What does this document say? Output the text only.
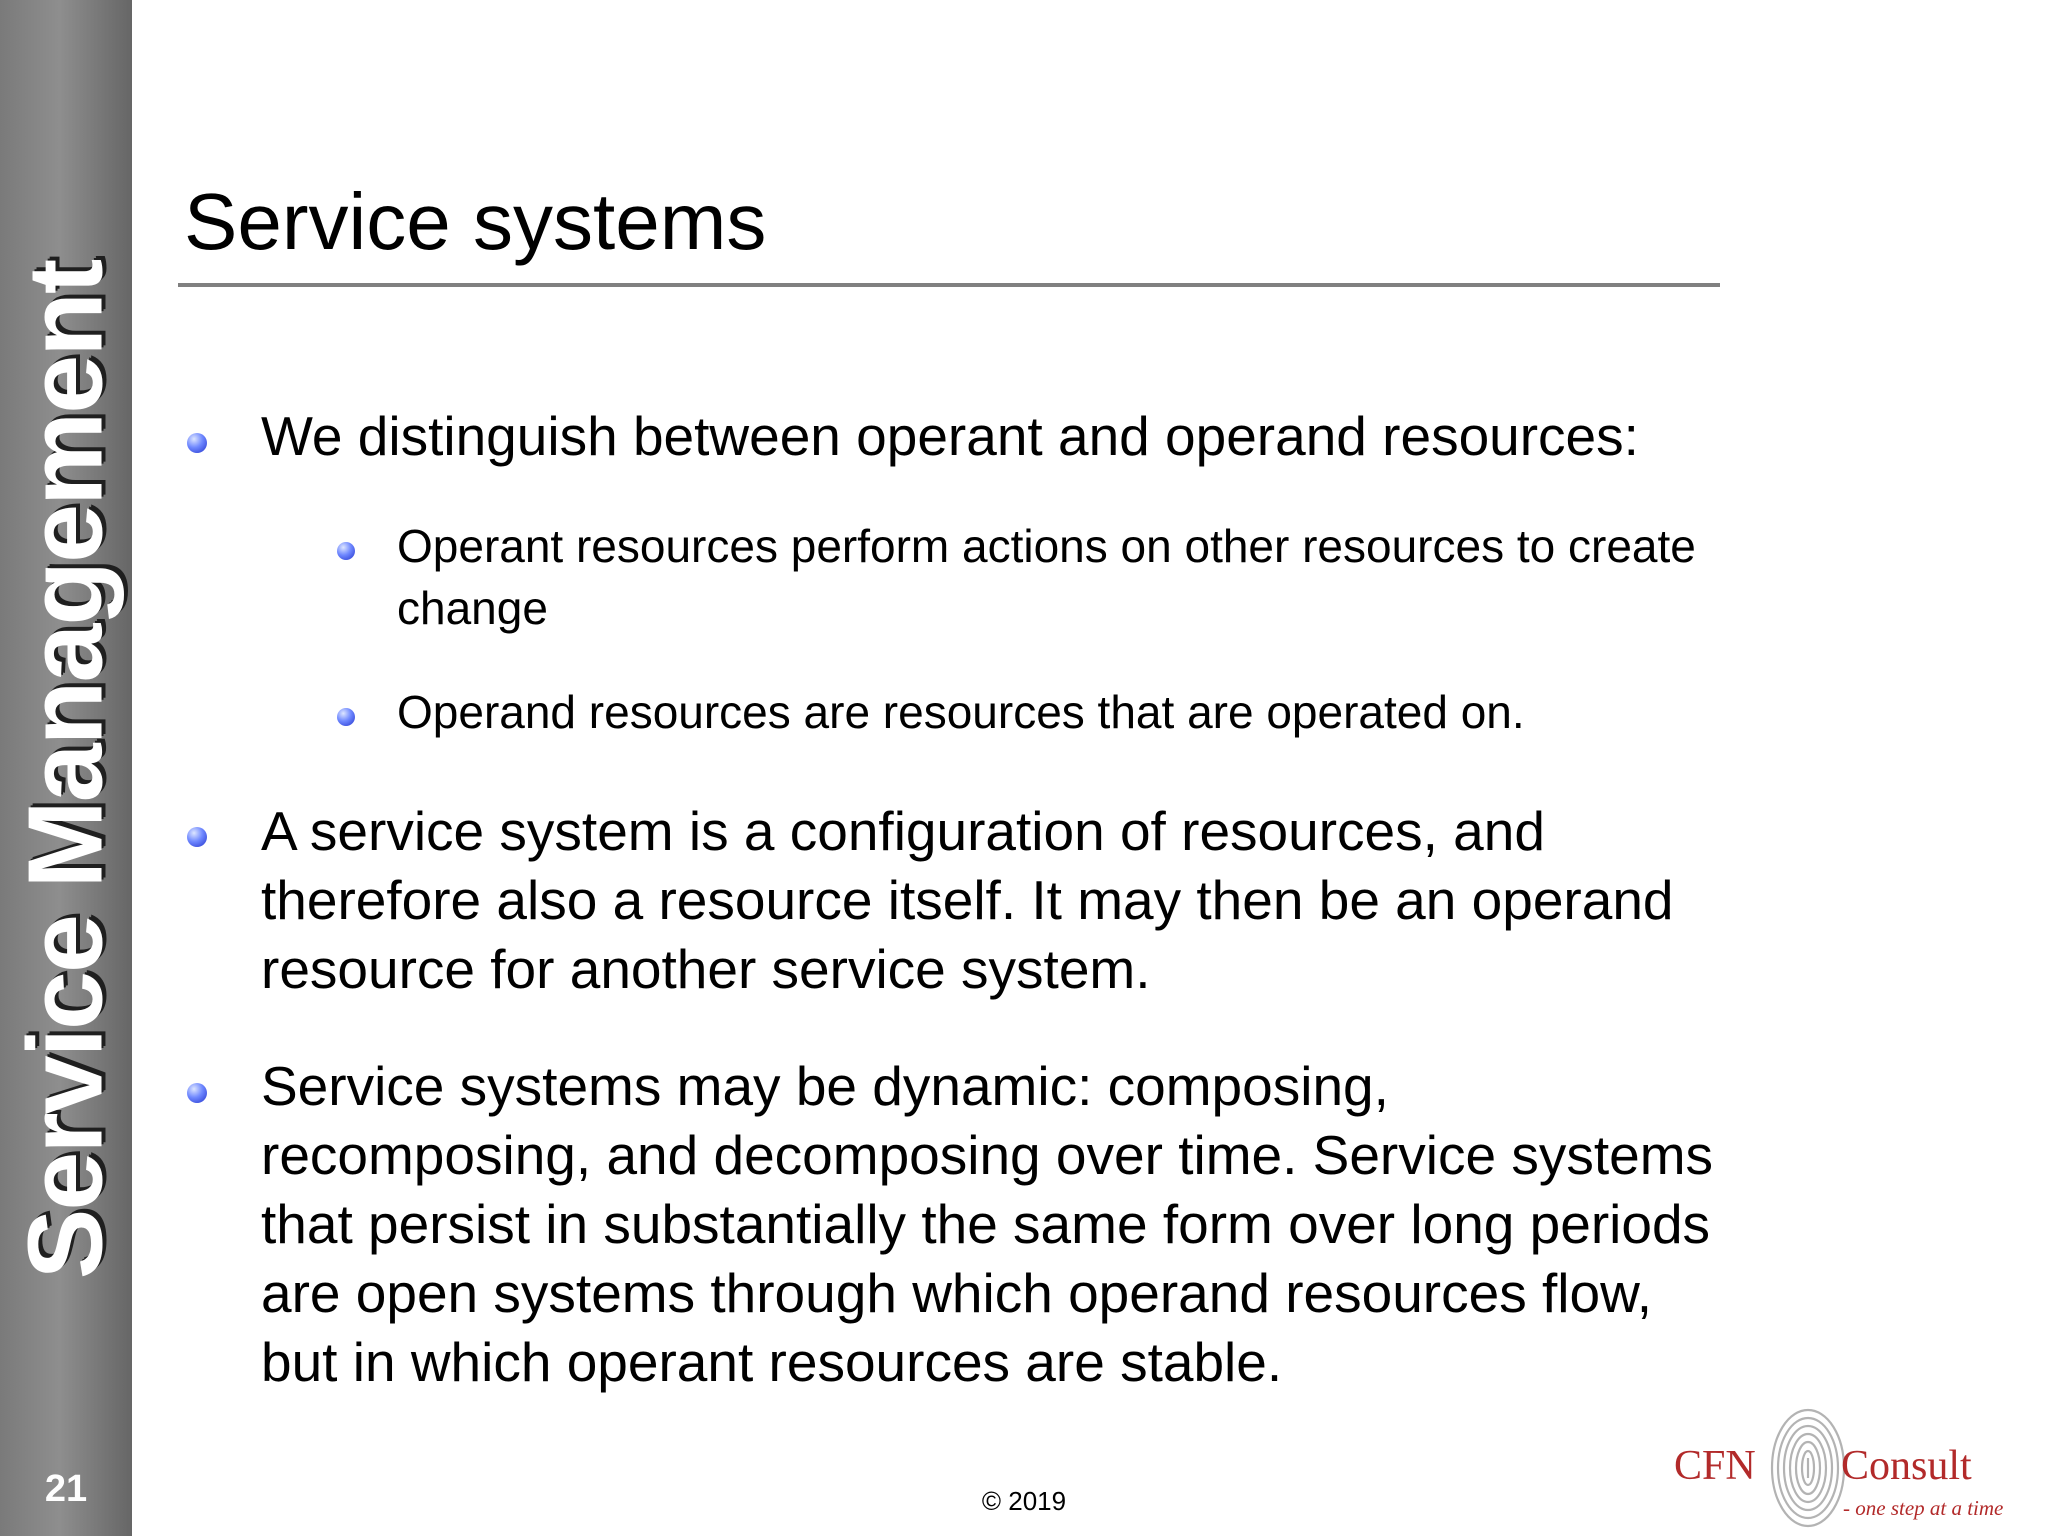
Service Management
21
Service systems
We distinguish between operant and operand resources:
Operant resources perform actions on other resources to create change
Operand resources are resources that are operated on.
A service system is a configuration of resources, and therefore also a resource itself. It may then be an operand resource for another service system.
Service systems may be dynamic: composing, recomposing, and decomposing over time. Service systems that persist in substantially the same form over long periods are open systems through which operand resources flow, but in which operant resources are stable.
© 2019
CFN Consult
- one step at a time
